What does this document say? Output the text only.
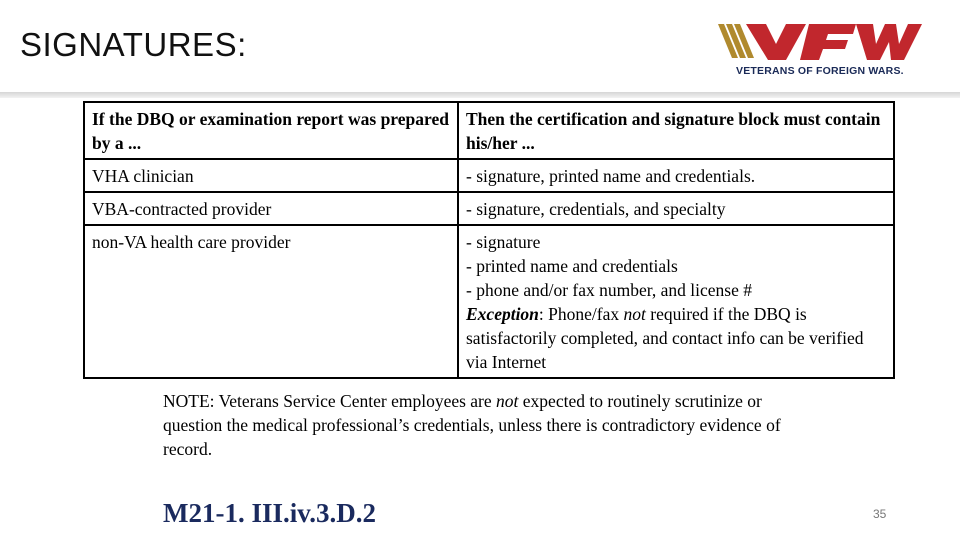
SIGNATURES:
VETERANS OF FOREIGN WARS.
If the DBQ or examination report was prepared by a ...	Then the certification and signature block must contain his/her ...
VHA clinician	- signature, printed name and credentials.
VBA-contracted provider	- signature, credentials, and specialty
non-VA health care provider	- signature
- printed name and credentials
- phone and/or fax number, and license #
Exception: Phone/fax not required if the DBQ is satisfactorily completed, and contact info can be verified via Internet
NOTE: Veterans Service Center employees are not expected to routinely scrutinize or question the medical professional’s credentials, unless there is contradictory evidence of record.
M21-1. III.iv.3.D.2	35
